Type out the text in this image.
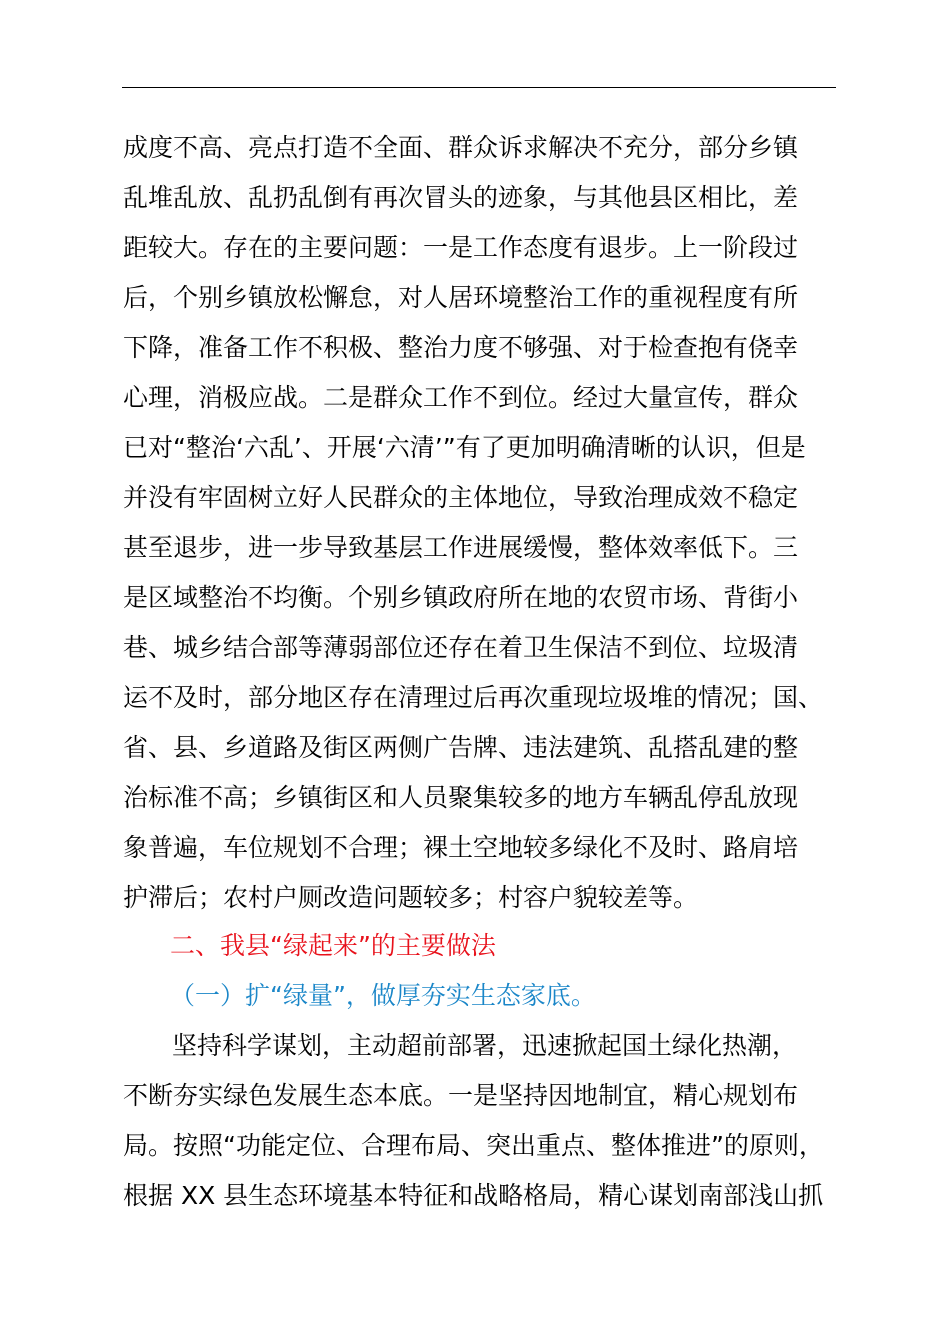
成度不高、亮点打造不全面、群众诉求解决不充分，部分乡镇
乱堆乱放、乱扔乱倒有再次冒头的迹象，与其他县区相比，差
距较大。存在的主要问题：一是工作态度有退步。上一阶段过
后，个别乡镇放松懈怠，对人居环境整治工作的重视程度有所
下降，准备工作不积极、整治力度不够强、对于检查抱有侥幸
心理，消极应战。二是群众工作不到位。经过大量宣传，群众
已对“整治‘六乱’、开展‘六清’”有了更加明确清晰的认识，但是
并没有牢固树立好人民群众的主体地位，导致治理成效不稳定
甚至退步，进一步导致基层工作进展缓慢，整体效率低下。三
是区域整治不均衡。个别乡镇政府所在地的农贸市场、背街小
巷、城乡结合部等薄弱部位还存在着卫生保洁不到位、垃圾清
运不及时，部分地区存在清理过后再次重现垃圾堆的情况；国、
省、县、乡道路及街区两侧广告牌、违法建筑、乱搭乱建的整
治标准不高；乡镇街区和人员聚集较多的地方车辆乱停乱放现
象普遍，车位规划不合理；裸土空地较多绿化不及时、路肩培
护滞后；农村户厕改造问题较多；村容户貌较差等。
二、我县“绿起来”的主要做法
（一）扩“绿量”，做厚夯实生态家底。
坚持科学谋划，主动超前部署，迅速掀起国土绿化热潮，
不断夯实绿色发展生态本底。一是坚持因地制宜，精心规划布
局。按照“功能定位、合理布局、突出重点、整体推进”的原则，
根据 XX 县生态环境基本特征和战略格局，精心谋划南部浅山抓
